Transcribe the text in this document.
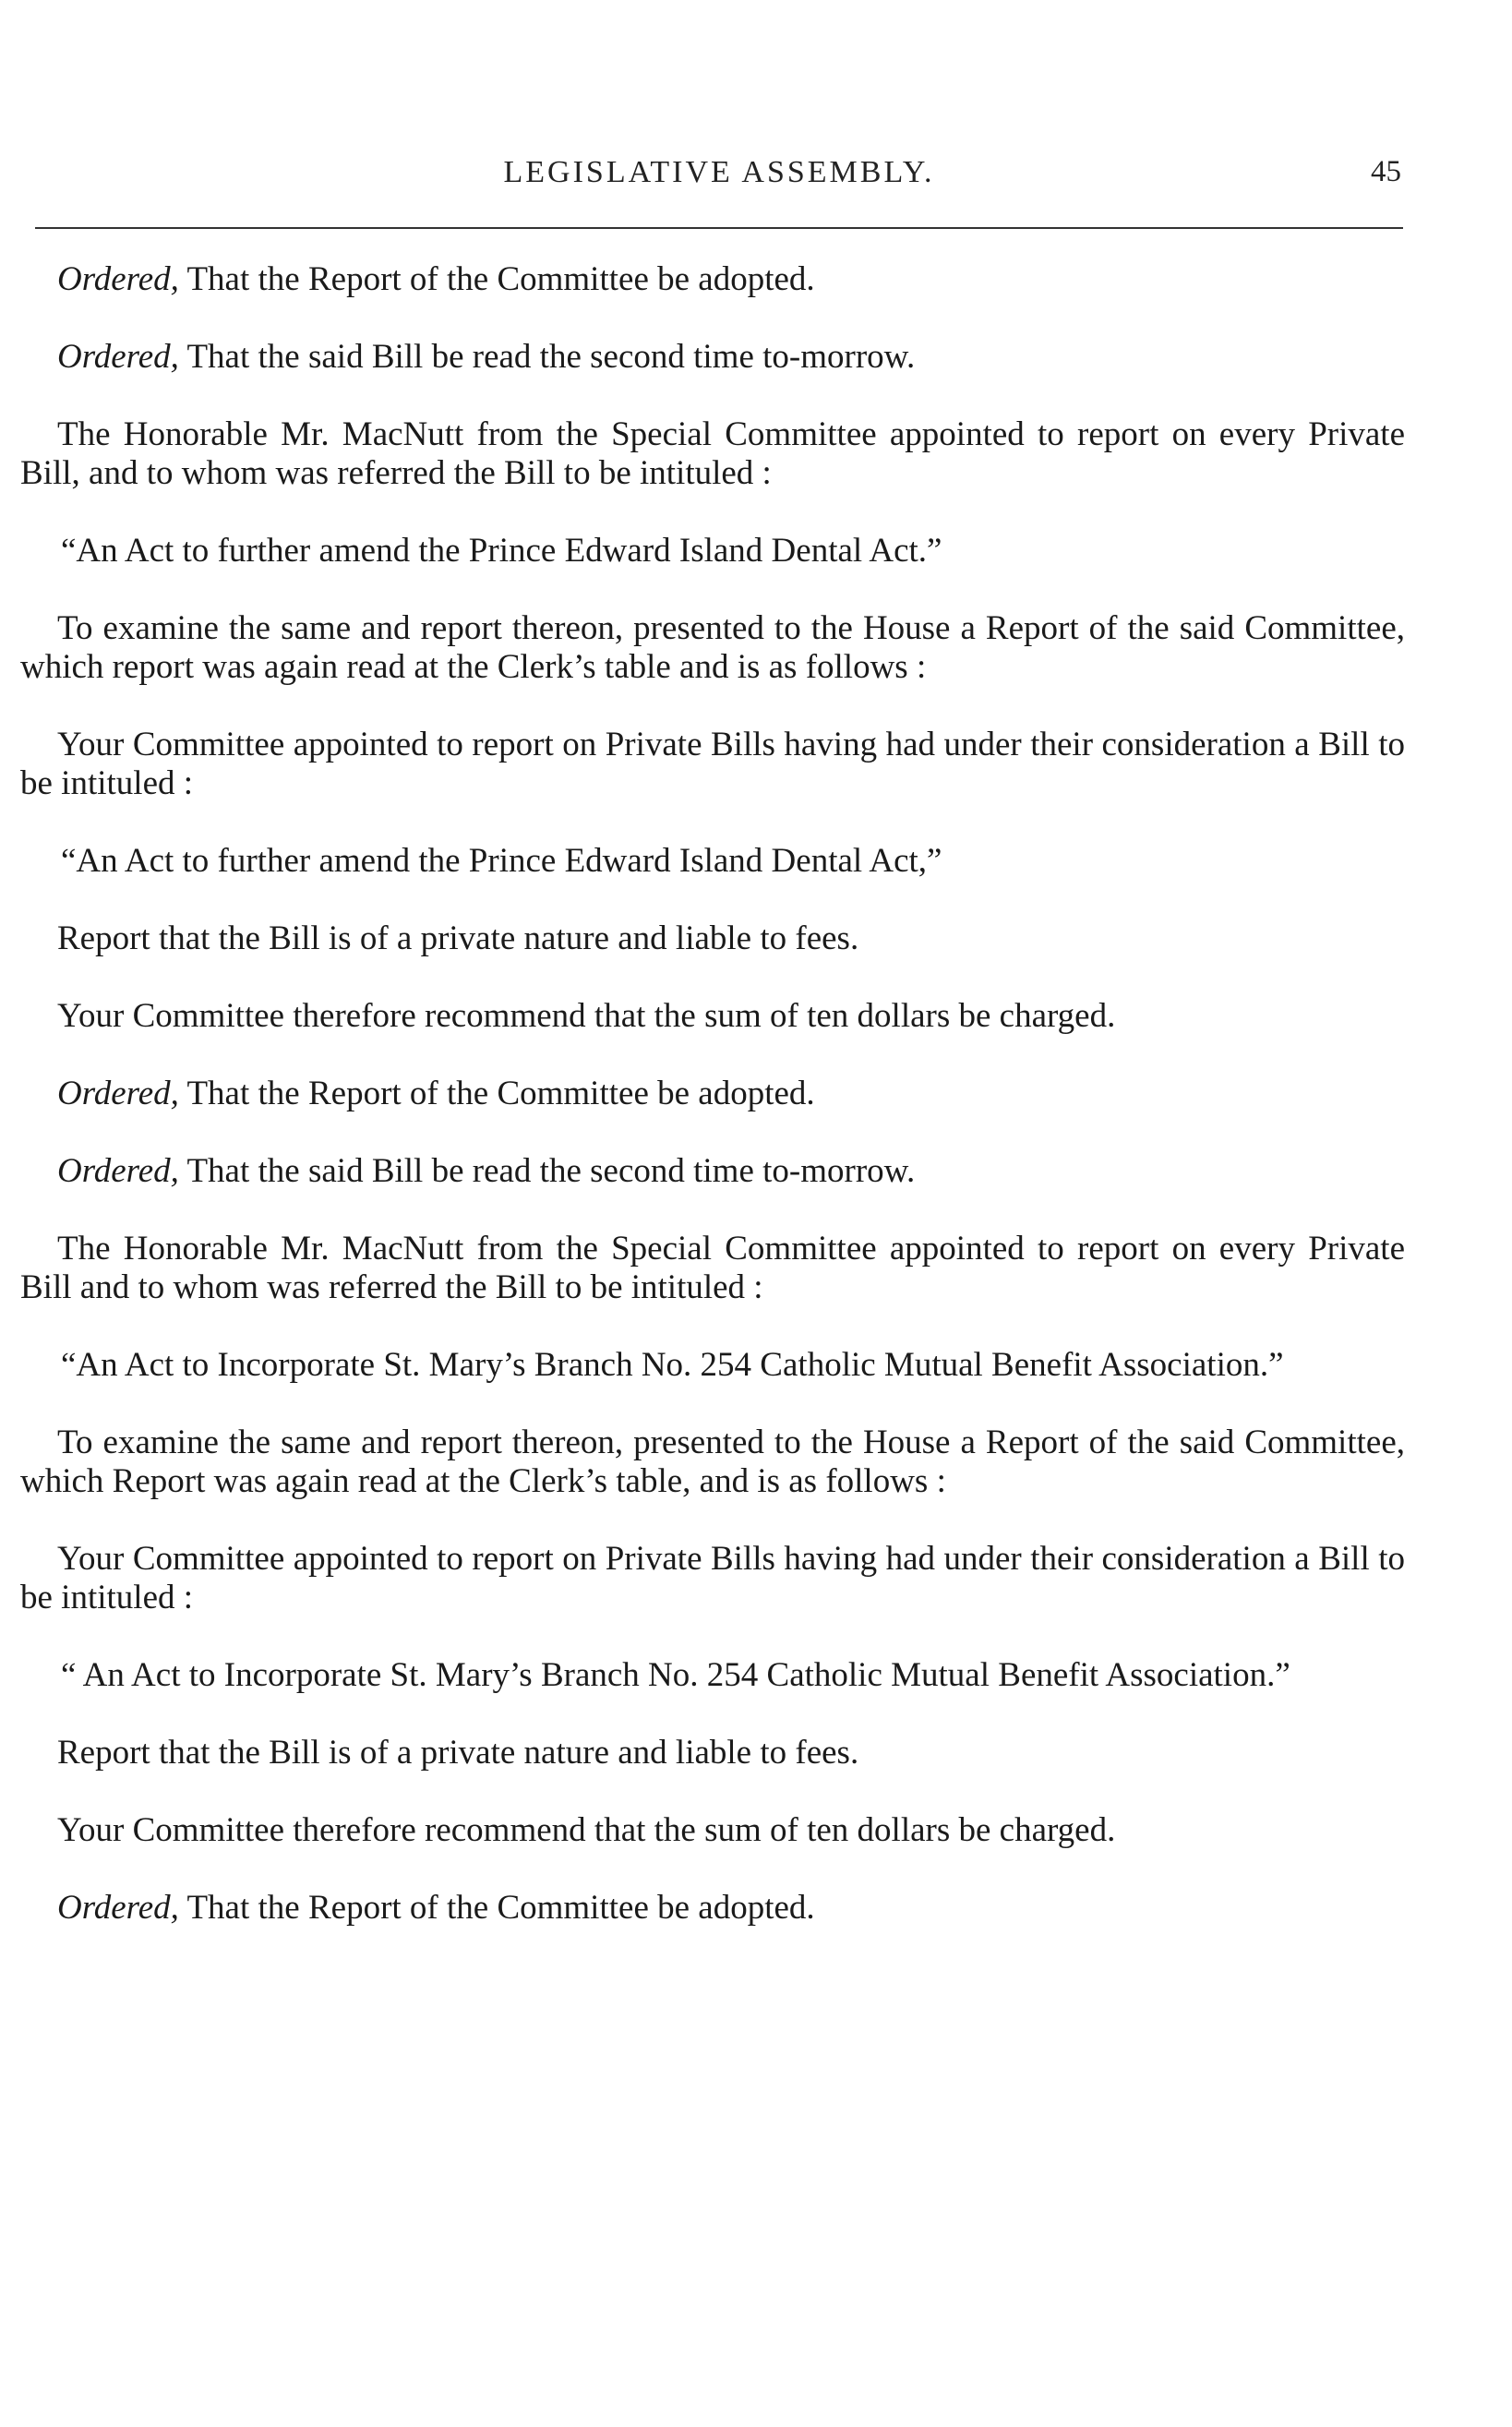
LEGISLATIVE ASSEMBLY.	45

Ordered, That the Report of the Committee be adopted.

Ordered, That the said Bill be read the second time to-morrow.

The Honorable Mr. MacNutt from the Special Committee appointed to report on every Private Bill, and to whom was referred the Bill to be intituled :

“An Act to further amend the Prince Edward Island Dental Act.”

To examine the same and report thereon, presented to the House a Report of the said Committee, which report was again read at the Clerk’s table and is as follows :

Your Committee appointed to report on Private Bills having had under their consideration a Bill to be intituled :

“An Act to further amend the Prince Edward Island Dental Act,”

Report that the Bill is of a private nature and liable to fees.

Your Committee therefore recommend that the sum of ten dollars be charged.

Ordered, That the Report of the Committee be adopted.

Ordered, That the said Bill be read the second time to-morrow.

The Honorable Mr. MacNutt from the Special Committee appointed to report on every Private Bill and to whom was referred the Bill to be intituled :

“An Act to Incorporate St. Mary’s Branch No. 254 Catholic Mutual Benefit Association.”

To examine the same and report thereon, presented to the House a Report of the said Committee, which Report was again read at the Clerk’s table, and is as follows :

Your Committee appointed to report on Private Bills having had under their consideration a Bill to be intituled :

“ An Act to Incorporate St. Mary’s Branch No. 254 Catholic Mutual Benefit Association.”

Report that the Bill is of a private nature and liable to fees.

Your Committee therefore recommend that the sum of ten dollars be charged.

Ordered, That the Report of the Committee be adopted.
